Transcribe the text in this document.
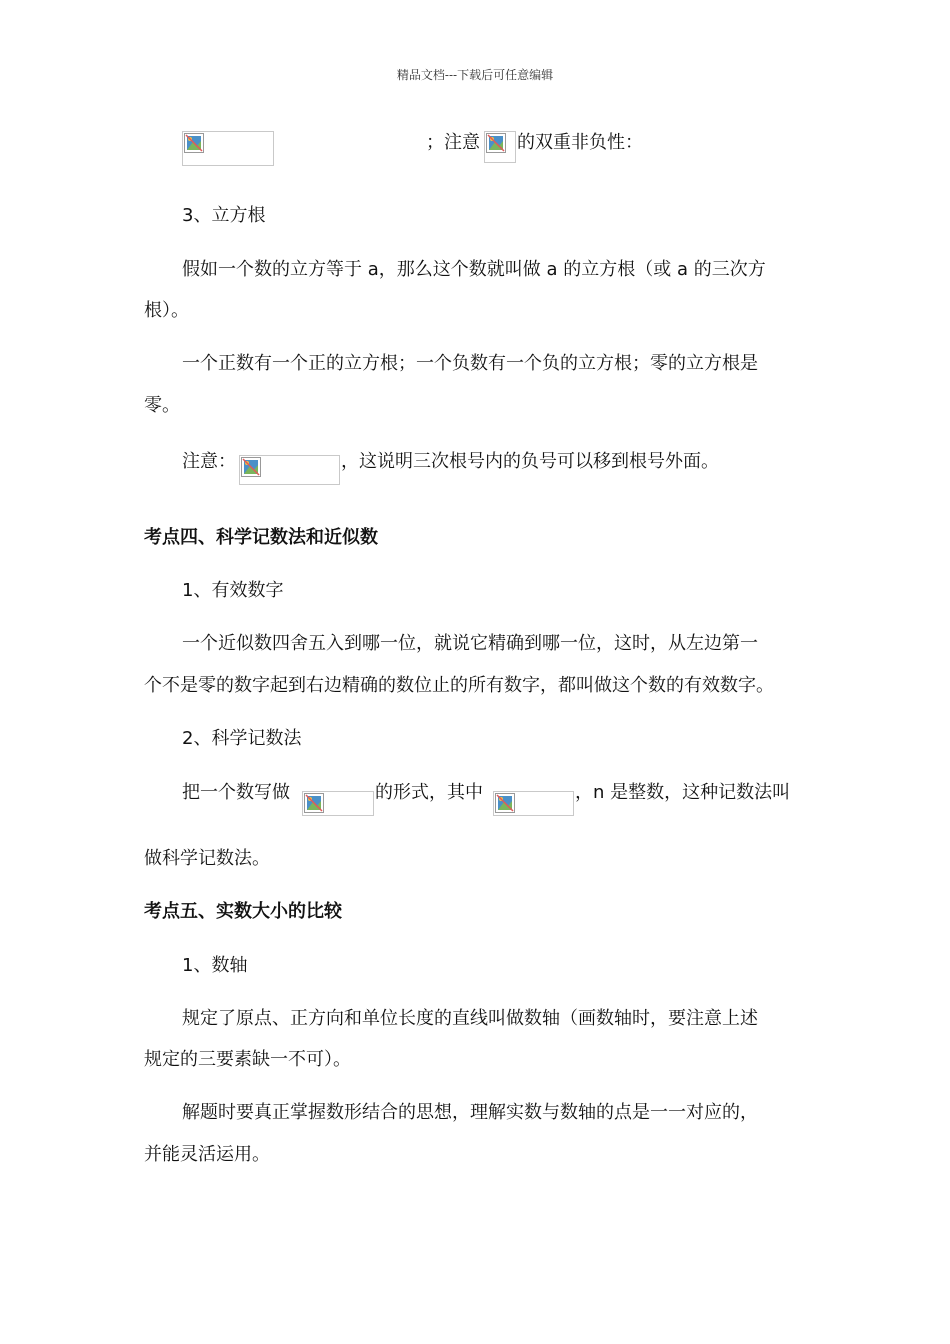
精品文档---下载后可任意编辑
；注意 的双重非负性：
3、立方根
假如一个数的立方等于 a，那么这个数就叫做 a 的立方根（或 a 的三次方
根）。
一个正数有一个正的立方根；一个负数有一个负的立方根；零的立方根是
零。
注意：	，这说明三次根号内的负号可以移到根号外面。
考点四、科学记数法和近似数
1、有效数字
一个近似数四舍五入到哪一位，就说它精确到哪一位，这时，从左边第一
个不是零的数字起到右边精确的数位止的所有数字，都叫做这个数的有效数字。
2、科学记数法
把一个数写做	的形式，其中	，n 是整数，这种记数法叫
做科学记数法。
考点五、实数大小的比较
1、数轴
规定了原点、正方向和单位长度的直线叫做数轴（画数轴时，要注意上述
规定的三要素缺一不可）。
解题时要真正掌握数形结合的思想，理解实数与数轴的点是一一对应的，
并能灵活运用。
